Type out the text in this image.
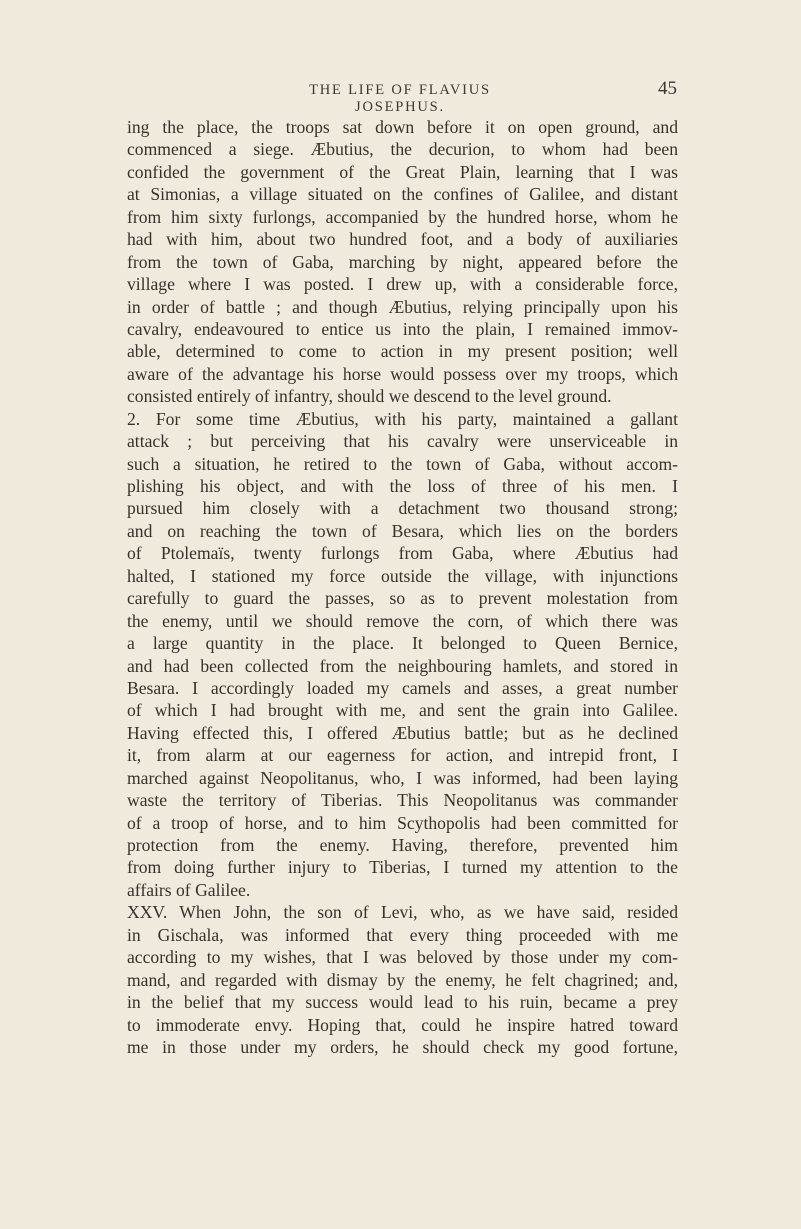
THE LIFE OF FLAVIUS JOSEPHUS.
45
ing the place, the troops sat down before it on open ground, and
commenced a siege. Æbutius, the decurion, to whom had been
confided the government of the Great Plain, learning that I was
at Simonias, a village situated on the confines of Galilee, and distant
from him sixty furlongs, accompanied by the hundred horse, whom he
had with him, about two hundred foot, and a body of auxiliaries
from the town of Gaba, marching by night, appeared before the
village where I was posted. I drew up, with a considerable force,
in order of battle ; and though Æbutius, relying principally upon his
cavalry, endeavoured to entice us into the plain, I remained immov-
able, determined to come to action in my present position; well
aware of the advantage his horse would possess over my troops, which
consisted entirely of infantry, should we descend to the level ground.
2. For some time Æbutius, with his party, maintained a gallant
attack ; but perceiving that his cavalry were unserviceable in
such a situation, he retired to the town of Gaba, without accom-
plishing his object, and with the loss of three of his men. I
pursued him closely with a detachment two thousand strong;
and on reaching the town of Besara, which lies on the borders
of Ptolemaïs, twenty furlongs from Gaba, where Æbutius had
halted, I stationed my force outside the village, with injunctions
carefully to guard the passes, so as to prevent molestation from
the enemy, until we should remove the corn, of which there was
a large quantity in the place. It belonged to Queen Bernice,
and had been collected from the neighbouring hamlets, and stored in
Besara. I accordingly loaded my camels and asses, a great number
of which I had brought with me, and sent the grain into Galilee.
Having effected this, I offered Æbutius battle; but as he declined
it, from alarm at our eagerness for action, and intrepid front, I
marched against Neopolitanus, who, I was informed, had been laying
waste the territory of Tiberias. This Neopolitanus was commander
of a troop of horse, and to him Scythopolis had been committed for
protection from the enemy. Having, therefore, prevented him
from doing further injury to Tiberias, I turned my attention to the
affairs of Galilee.
XXV. When John, the son of Levi, who, as we have said, resided
in Gischala, was informed that every thing proceeded with me
according to my wishes, that I was beloved by those under my com-
mand, and regarded with dismay by the enemy, he felt chagrined; and,
in the belief that my success would lead to his ruin, became a prey
to immoderate envy. Hoping that, could he inspire hatred toward
me in those under my orders, he should check my good fortune,
